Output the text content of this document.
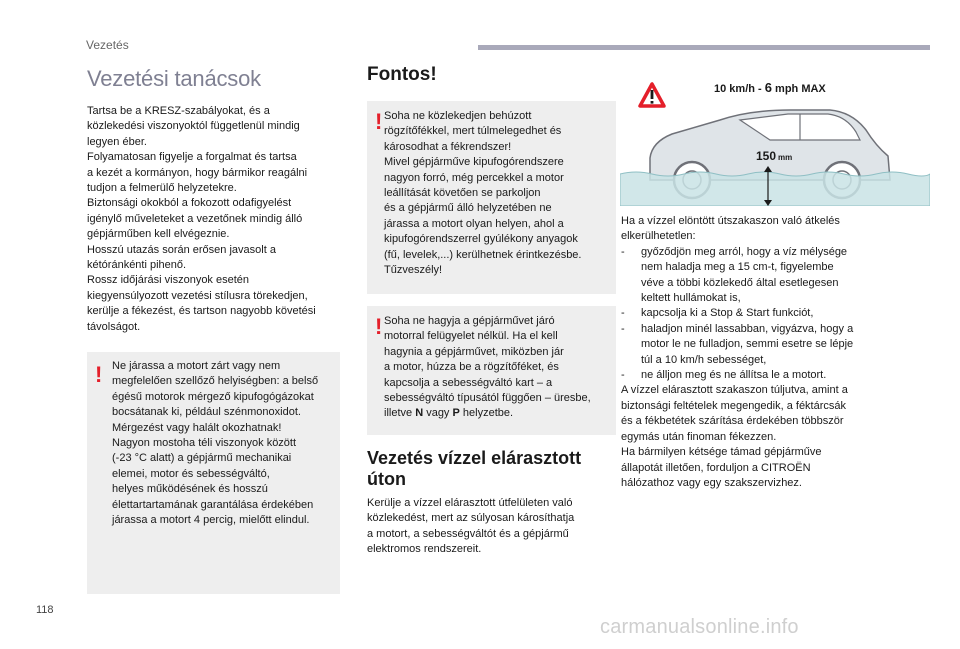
Vezetés
Vezetési tanácsok

Tartsa be a KRESZ-szabályokat, és a
közlekedési viszonyoktól függetlenül mindig
legyen éber.
Folyamatosan figyelje a forgalmat és tartsa
a kezét a kormányon, hogy bármikor reagálni
tudjon a felmerülő helyzetekre.
Biztonsági okokból a fokozott odafigyelést
igénylő műveleteket a vezetőnek mindig álló
gépjárműben kell elvégeznie.
Hosszú utazás során erősen javasolt a
kétóránkénti pihenő.
Rossz időjárási viszonyok esetén
kiegyensúlyozott vezetési stílusra törekedjen,
kerülje a fékezést, és tartson nagyobb követési
távolságot.

! Ne járassa a motort zárt vagy nem
megfelelően szellőző helyiségben: a belső
égésű motorok mérgező kipufogógázokat
bocsátanak ki, például szénmonoxidot.
Mérgezést vagy halált okozhatnak!
Nagyon mostoha téli viszonyok között
(-23 °C alatt) a gépjármű mechanikai
elemei, motor és sebességváltó,
helyes működésének és hosszú
élettartartamának garantálása érdekében
járassa a motort 4 percig, mielőtt elindul.

Fontos!
! Soha ne közlekedjen behúzott
rögzítőfékkel, mert túlmelegedhet és
károsodhat a fékrendszer!
Mivel gépjárműve kipufogórendszere
nagyon forró, még percekkel a motor
leállítását követően se parkoljon
és a gépjármű álló helyzetében ne
járassa a motort olyan helyen, ahol a
kipufogórendszerrel gyúlékony anyagok
(fű, levelek,...) kerülhetnek érintkezésbe.
Tűzveszély!

! Soha ne hagyja a gépjárművet járó
motorral felügyelet nélkül. Ha el kell
hagynia a gépjárművet, miközben jár
a motor, húzza be a rögzítőféket, és
kapcsolja a sebességváltó kart – a
sebességváltó típusától függően – üresbe,
illetve N vagy P helyzetbe.

Vezetés vízzel elárasztott
úton

Kerülje a vízzel elárasztott útfelületen való
közlekedést, mert az súlyosan károsíthatja
a motort, a sebességváltót és a gépjármű
elektromos rendszereit.

10 km/h - 6 mph MAX
150 mm

Ha a vízzel elöntött útszakaszon való átkelés
elkerülhetetlen:

- győződjön meg arról, hogy a víz mélysége
nem haladja meg a 15 cm-t, figyelembe
véve a többi közlekedő által esetlegesen
keltett hullámokat is,
- kapcsolja ki a Stop & Start funkciót,
- haladjon minél lassabban, vigyázva, hogy a
motor le ne fulladjon, semmi esetre se lépje
túl a 10 km/h sebességet,
- ne álljon meg és ne állítsa le a motort.

A vízzel elárasztott szakaszon túljutva, amint a
biztonsági feltételek megengedik, a féktárcsák
és a fékbetétek szárítása érdekében többször
egymás után finoman fékezzen.
Ha bármilyen kétsége támad gépjárműve
állapotát illetően, forduljon a CITROËN
hálózathoz vagy egy szakszervizhez.

118
carmanualsonline.info
